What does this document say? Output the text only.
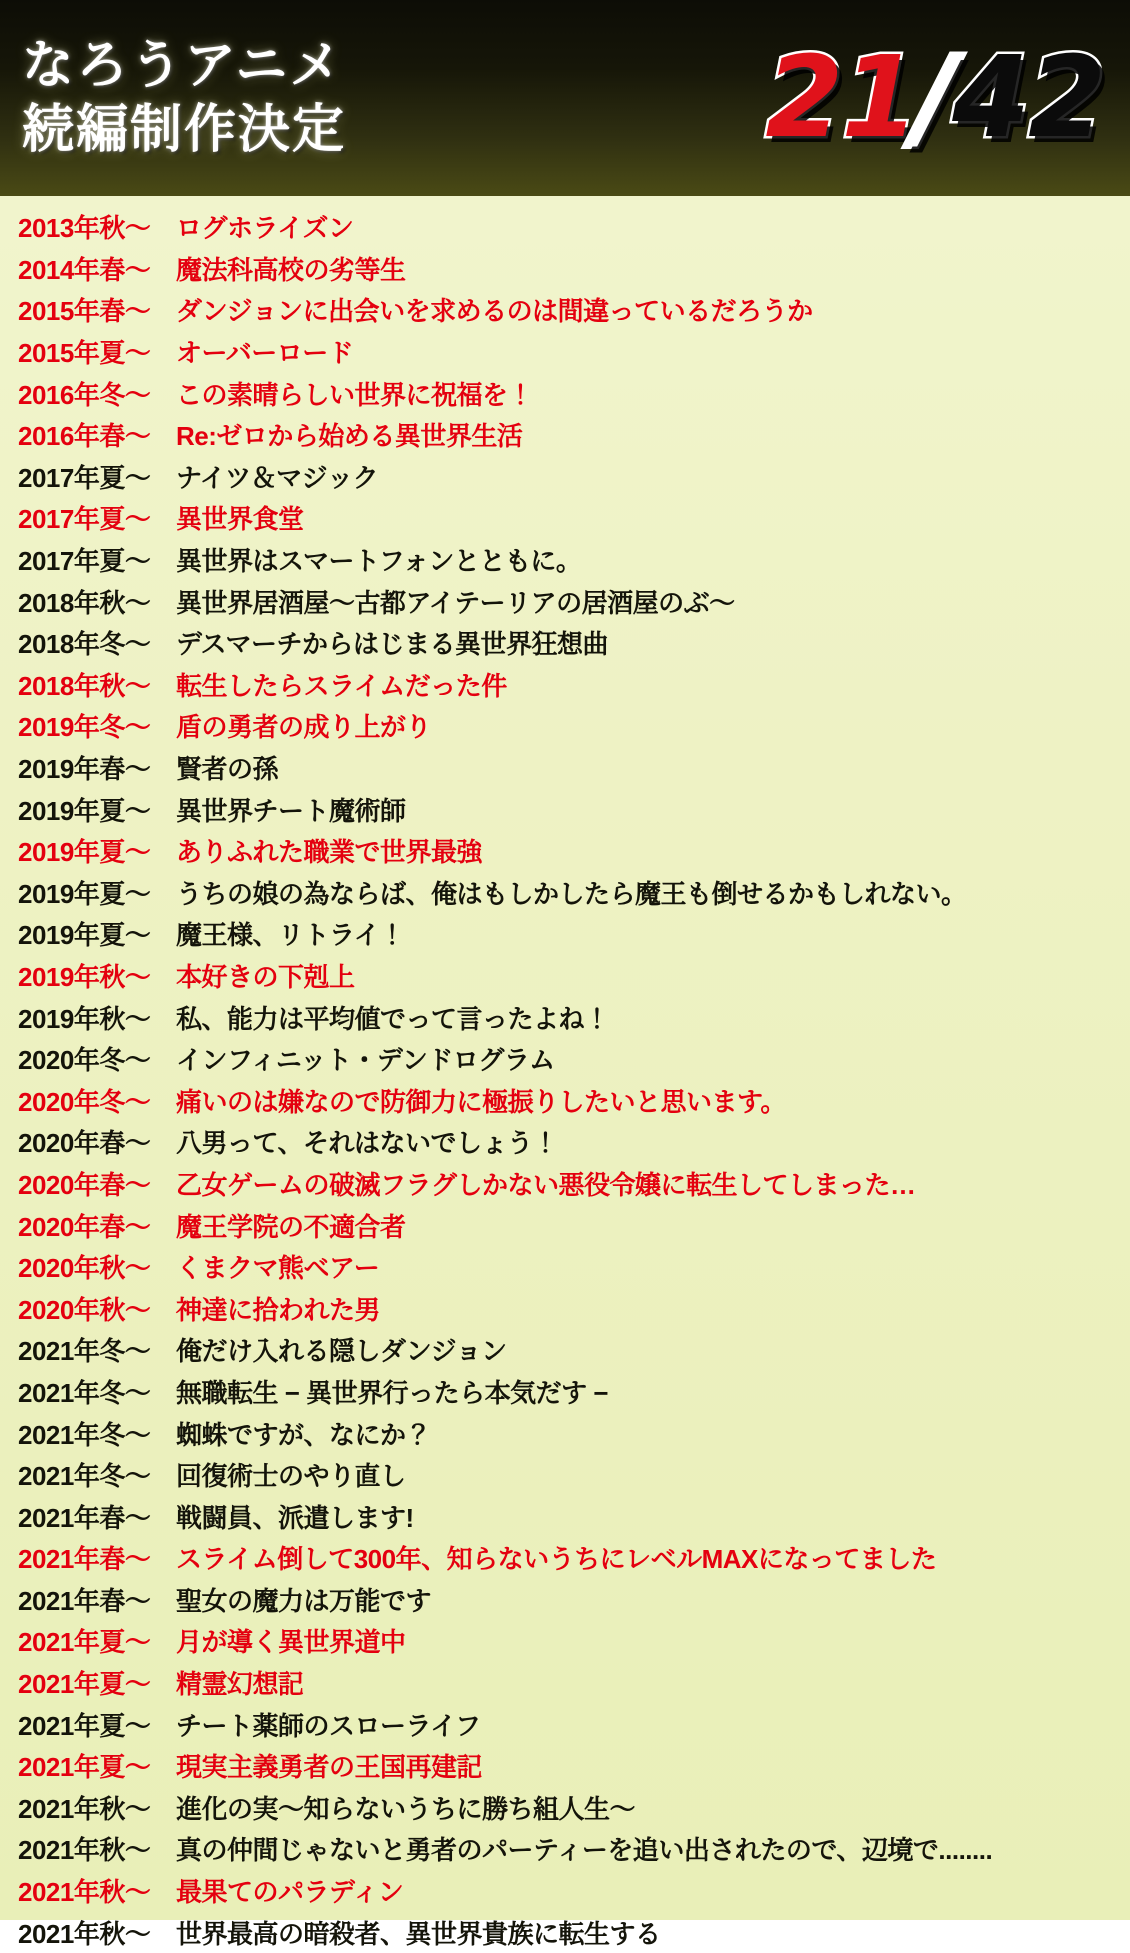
なろうアニメ
続編制作決定	21
/
42
2013年秋〜 ログホライズン
2014年春〜 魔法科高校の劣等生
2015年春〜 ダンジョンに出会いを求めるのは間違っているだろうか
2015年夏〜 オーバーロード
2016年冬〜 この素晴らしい世界に祝福を！
2016年春〜 Re:ゼロから始める異世界生活
2017年夏〜 ナイツ＆マジック
2017年夏〜 異世界食堂
2017年夏〜 異世界はスマートフォンとともに。
2018年秋〜 異世界居酒屋〜古都アイテーリアの居酒屋のぶ〜
2018年冬〜 デスマーチからはじまる異世界狂想曲
2018年秋〜 転生したらスライムだった件
2019年冬〜 盾の勇者の成り上がり
2019年春〜 賢者の孫
2019年夏〜 異世界チート魔術師
2019年夏〜 ありふれた職業で世界最強
2019年夏〜 うちの娘の為ならば、俺はもしかしたら魔王も倒せるかもしれない。
2019年夏〜 魔王様、リトライ！
2019年秋〜 本好きの下剋上
2019年秋〜 私、能力は平均値でって言ったよね！
2020年冬〜 インフィニット・デンドログラム
2020年冬〜 痛いのは嫌なので防御力に極振りしたいと思います。
2020年春〜 八男って、それはないでしょう！
2020年春〜 乙女ゲームの破滅フラグしかない悪役令嬢に転生してしまった…
2020年春〜 魔王学院の不適合者
2020年秋〜 くまクマ熊ベアー
2020年秋〜 神達に拾われた男
2021年冬〜 俺だけ入れる隠しダンジョン
2021年冬〜 無職転生 − 異世界行ったら本気だす −
2021年冬〜 蜘蛛ですが、なにか？
2021年冬〜 回復術士のやり直し
2021年春〜 戦闘員、派遣します!
2021年春〜 スライム倒して300年、知らないうちにレベルMAXになってました
2021年春〜 聖女の魔力は万能です
2021年夏〜 月が導く異世界道中
2021年夏〜 精霊幻想記
2021年夏〜 チート薬師のスローライフ
2021年夏〜 現実主義勇者の王国再建記
2021年秋〜 進化の実〜知らないうちに勝ち組人生〜
2021年秋〜 真の仲間じゃないと勇者のパーティーを追い出されたので、辺境で........
2021年秋〜 最果てのパラディン
2021年秋〜 世界最高の暗殺者、異世界貴族に転生する
